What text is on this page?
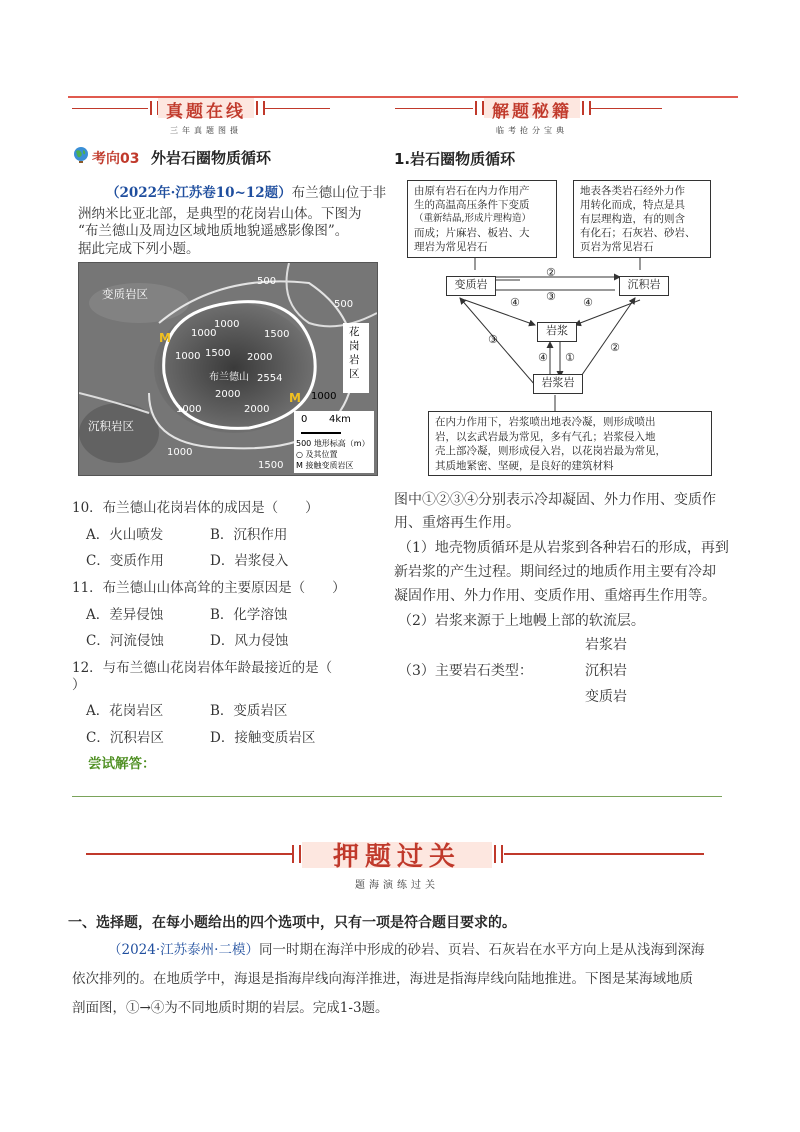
真题在线
三年真题图摄
解题秘籍
临考抢分宝典
考向03 外岩石圈物质循环
（2022年·江苏卷10~12题）布兰德山位于非
洲纳米比亚北部，是典型的花岗岩山体。下图为
“布兰德山及周边区域地质地貌遥感影像图”。
据此完成下列小题。
变质岩区
沉积岩区
花岗岩区
布兰德山
500
500
1000
1000	1500
1000 1500 2000
2554
2000
1000	2000
1000
1000
1500
M
M
0 4km
500 地形标高（m）
○ 及其位置
M 接触变质岩区
10．布兰德山花岗岩体的成因是（　　）
A．火山喷发	B．沉积作用
C．变质作用	D．岩浆侵入
11．布兰德山山体高耸的主要原因是（　　）
A．差异侵蚀	B．化学溶蚀
C．河流侵蚀	D．风力侵蚀
12．与布兰德山花岗岩体年龄最接近的是（
）
A．花岗岩区	B．变质岩区
C．沉积岩区	D．接触变质岩区
尝试解答：
1.岩石圈物质循环
由原有岩石在内力作用产
生的高温高压条件下变质
（重新结晶,形成片理构造）
而成；片麻岩、板岩、大
理岩为常见岩石
地表各类岩石经外力作
用转化而成，特点是具
有层理构造，有的则含
有化石；石灰岩、砂岩、
页岩为常见岩石
变质岩	沉积岩
岩浆
岩浆岩
②
③
④	④
③
④ ①
②
在内力作用下，岩浆喷出地表冷凝，则形成喷出
岩，以玄武岩最为常见，多有气孔；岩浆侵入地
壳上部冷凝，则形成侵入岩，以花岗岩最为常见，
其质地紧密、坚硬，是良好的建筑材料
图中①②③④分别表示冷却凝固、外力作用、变质作
用、重熔再生作用。
（1）地壳物质循环是从岩浆到各种岩石的形成，再到
新岩浆的产生过程。期间经过的地质作用主要有冷却
凝固作用、外力作用、变质作用、重熔再生作用等。
（2）岩浆来源于上地幔上部的软流层。
岩浆岩
（3）主要岩石类型：	沉积岩
变质岩
押题过关
题海演练过关
一、选择题，在每小题给出的四个选项中，只有一项是符合题目要求的。
（2024·江苏泰州·二模）同一时期在海洋中形成的砂岩、页岩、石灰岩在水平方向上是从浅海到深海
依次排列的。在地质学中，海退是指海岸线向海洋推进，海进是指海岸线向陆地推进。下图是某海域地质
剖面图，①→④为不同地质时期的岩层。完成1-3题。
